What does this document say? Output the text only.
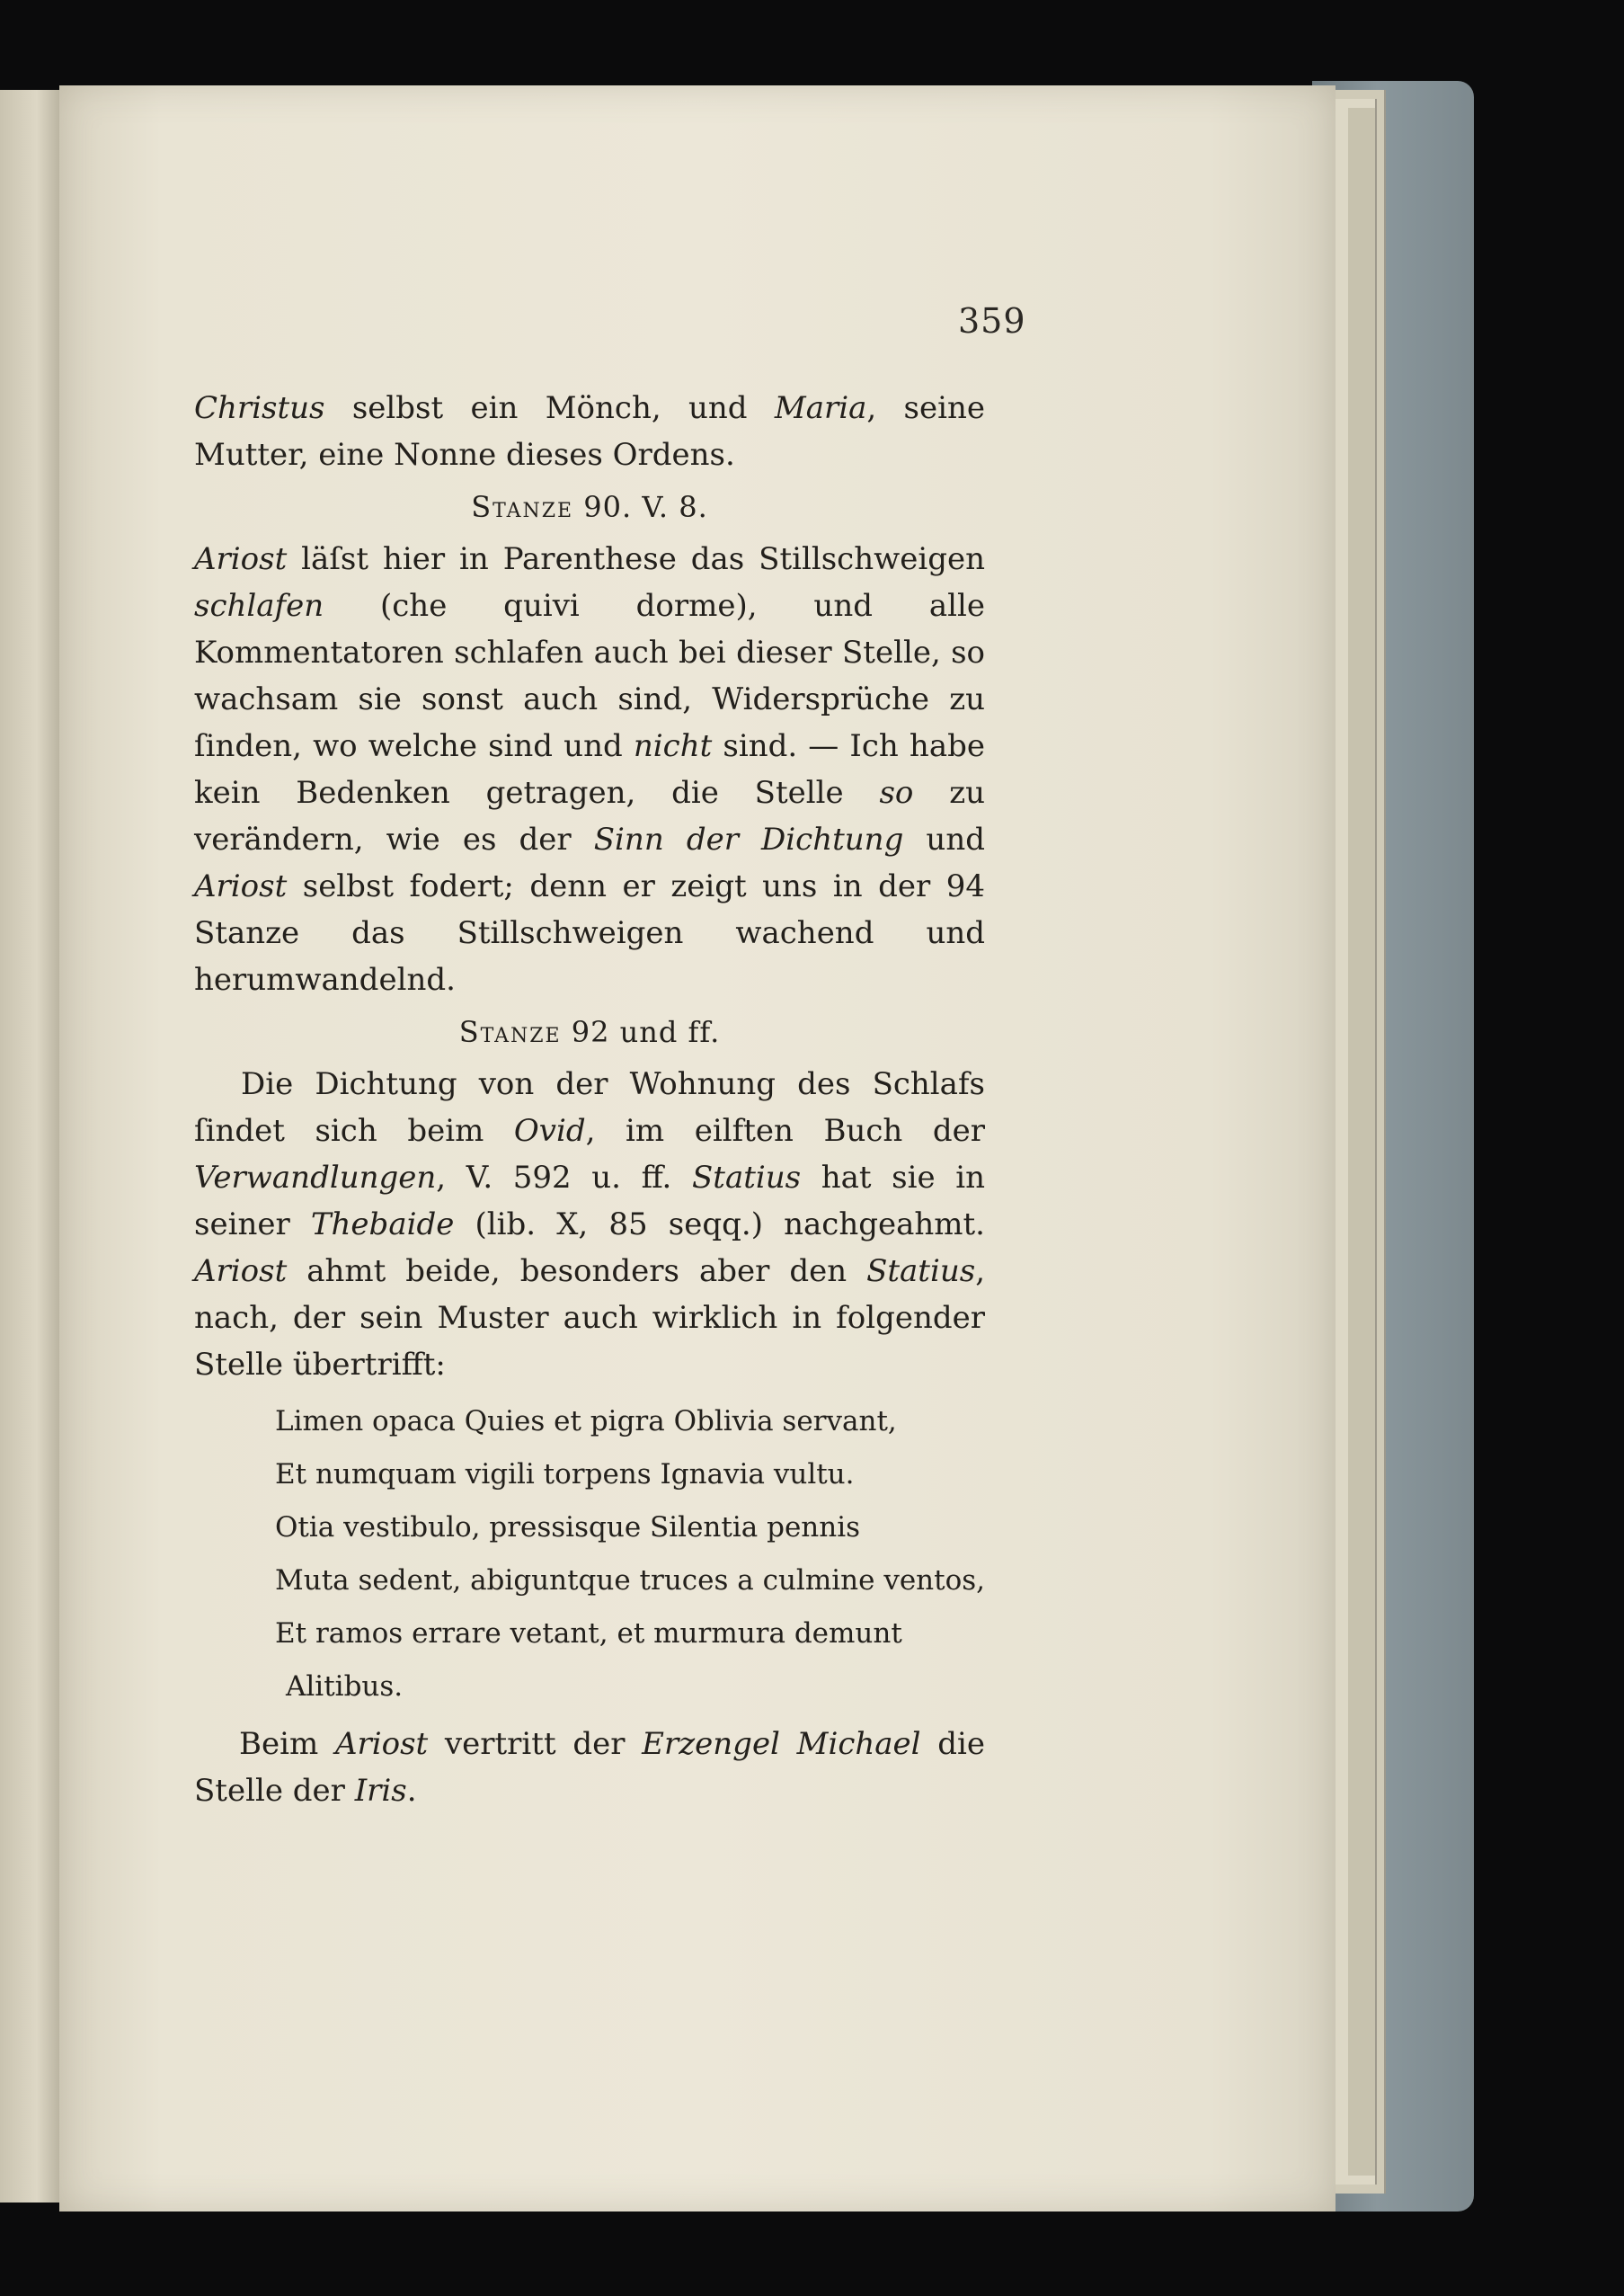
359

Christus selbst ein Mönch, und Maria, seine Mutter, eine Nonne dieses Ordens.

Stanze 90. V. 8.

Ariost läſst hier in Parenthese das Stillschweigen schlafen (che quivi dorme), und alle Kommentatoren schlafen auch bei dieser Stelle, so wachsam sie sonst auch sind, Widersprüche zu ſinden, wo welche sind und nicht sind. — Ich habe kein Bedenken getragen, die Stelle so zu verändern, wie es der Sinn der Dichtung und Ariost selbst fodert; denn er zeigt uns in der 94 Stanze das Stillschweigen wachend und herumwandelnd.

Stanze 92 und ff.

Die Dichtung von der Wohnung des Schlafs ſindet sich beim Ovid, im eilften Buch der Verwandlungen, V. 592 u. ff. Statius hat sie in seiner Thebaide (lib. X, 85 seqq.) nachgeahmt. Ariost ahmt beide, besonders aber den Statius, nach, der sein Muster auch wirklich in folgender Stelle übertrifft:

Limen opaca Quies et pigra Oblivia servant,
Et numquam vigili torpens Ignavia vultu.
Otia vestibulo, pressisque Silentia pennis
Muta sedent, abiguntque truces a culmine ventos,
Et ramos errare vetant, et murmura demunt
Alitibus.

Beim Ariost vertritt der Erzengel Michael die Stelle der Iris.
